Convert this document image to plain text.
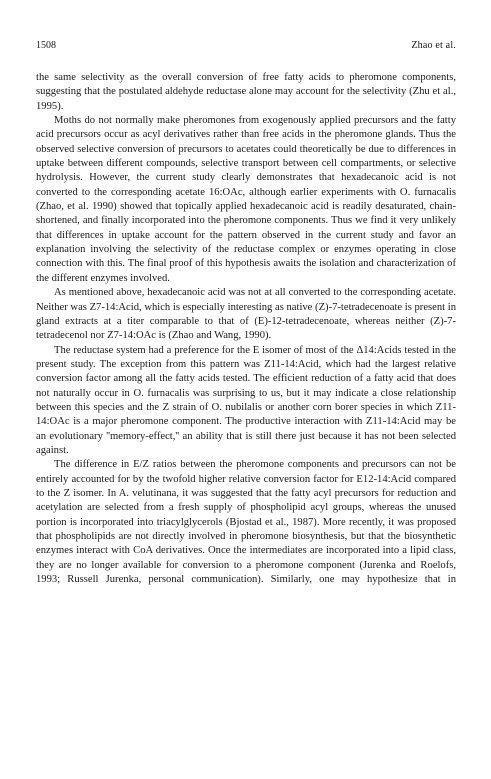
1508	Zhao et al.

the same selectivity as the overall conversion of free fatty acids to pheromone components, suggesting that the postulated aldehyde reductase alone may account for the selectivity (Zhu et al., 1995).

Moths do not normally make pheromones from exogenously applied precursors and the fatty acid precursors occur as acyl derivatives rather than free acids in the pheromone glands. Thus the observed selective conversion of precursors to acetates could theoretically be due to differences in uptake between different compounds, selective transport between cell compartments, or selective hydrolysis. However, the current study clearly demonstrates that hexadecanoic acid is not converted to the corresponding acetate 16:OAc, although earlier experiments with O. furnacalis (Zhao, et al. 1990) showed that topically applied hexadecanoic acid is readily desaturated, chain-shortened, and finally incorporated into the pheromone components. Thus we find it very unlikely that differences in uptake account for the pattern observed in the current study and favor an explanation involving the selectivity of the reductase complex or enzymes operating in close connection with this. The final proof of this hypothesis awaits the isolation and characterization of the different enzymes involved.

As mentioned above, hexadecanoic acid was not at all converted to the corresponding acetate. Neither was Z7-14:Acid, which is especially interesting as native (Z)-7-tetradecenoate is present in gland extracts at a titer comparable to that of (E)-12-tetradecenoate, whereas neither (Z)-7-tetradecenol nor Z7-14:OAc is (Zhao and Wang, 1990).

The reductase system had a preference for the E isomer of most of the Δ14:Acids tested in the present study. The exception from this pattern was Z11-14:Acid, which had the largest relative conversion factor among all the fatty acids tested. The efficient reduction of a fatty acid that does not naturally occur in O. furnacalis was surprising to us, but it may indicate a close relationship between this species and the Z strain of O. nubilalis or another corn borer species in which Z11-14:OAc is a major pheromone component. The productive interaction with Z11-14:Acid may be an evolutionary ''memory-effect,'' an ability that is still there just because it has not been selected against.

The difference in E/Z ratios between the pheromone components and precursors can not be entirely accounted for by the twofold higher relative conversion factor for E12-14:Acid compared to the Z isomer. In A. velutinana, it was suggested that the fatty acyl precursors for reduction and acetylation are selected from a fresh supply of phospholipid acyl groups, whereas the unused portion is incorporated into triacylglycerols (Bjostad et al., 1987). More recently, it was proposed that phospholipids are not directly involved in pheromone biosynthesis, but that the biosynthetic enzymes interact with CoA derivatives. Once the intermediates are incorporated into a lipid class, they are no longer available for conversion to a pheromone component (Jurenka and Roelofs, 1993; Russell Jurenka, personal communication). Similarly, one may hypothesize that in
